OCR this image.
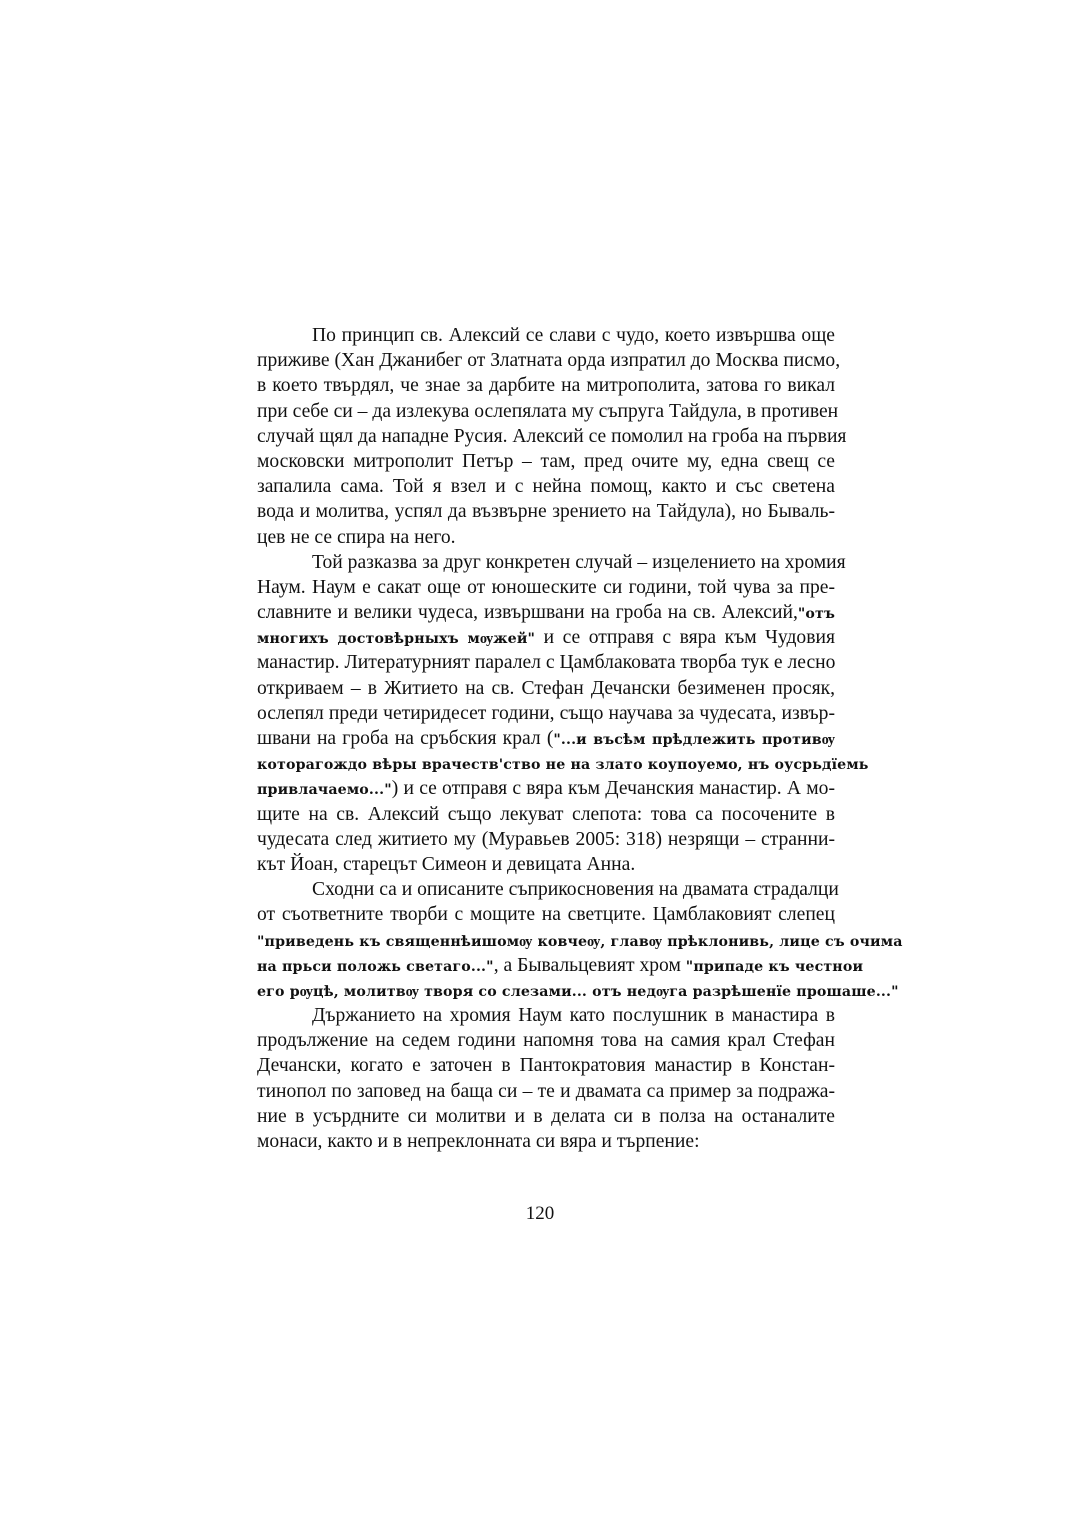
По принцип св. Алексий се слави с чудо, което извършва още
приживе (Хан Джанибег от Златната орда изпратил до Москва писмо,
в което твърдял, че знае за дарбите на митрополита, затова го викал
при себе си – да излекува ослепялата му съпруга Тайдула, в противен
случай щял да нападне Русия. Алексий се помолил на гроба на първия
московски митрополит Петър – там, пред очите му, една свещ се
запалила сама. Той я взел и с нейна помощ, както и със светена
вода и молитва, успял да възвърне зрението на Тайдула), но Бываль-
цев не се спира на него.
Той разказва за друг конкретен случай – изцелението на хромия
Наум. Наум е сакат още от юношеските си години, той чува за пре-
славните и велики чудеса, извършвани на гроба на св. Алексий,"отъ
многихъ достовѣрныхъ мѹжей" и се отправя с вяра към Чудовия
манастир. Литературният паралел с Цамблаковата творба тук е лесно
откриваем – в Житието на св. Стефан Дечански безименен просяк,
ослепял преди четиридесет години, също научава за чудесата, извър-
швани на гроба на сръбския крал ("...и въсѣм прѣдлежить противѹ
которагождо вѣры врачеств'ство не на злато коупоуемо, нъ оусрьдїемь
привлачаемо...") и се отправя с вяра към Дечанския манастир. А мо-
щите на св. Алексий също лекуват слепота: това са посочените в
чудесата след житието му (Муравьев 2005: 318) незрящи – странни-
кът Йоан, старецът Симеон и девицата Анна.
Сходни са и описаните съприкосновения на двамата страдалци
от съответните творби с мощите на светците. Цамблаковият слепец
"приведень къ священнѣишомѹ ковчеѹ, главѹ прѣклонивь, лице съ очима
на прьси положь светаго...", а Бывальцевият хром "припаде къ честнои
его рѹцѣ, молитвѹ творя со слезами... отъ недѹга разрѣшенїе прошаше..."
Държанието на хромия Наум като послушник в манастира в
продължение на седем години напомня това на самия крал Стефан
Дечански, когато е заточен в Пантократовия манастир в Констан-
тинопол по заповед на баща си – те и двамата са пример за подража-
ние в усърдните си молитви и в делата си в полза на останалите
монаси, както и в непреклонната си вяра и търпение:
120
